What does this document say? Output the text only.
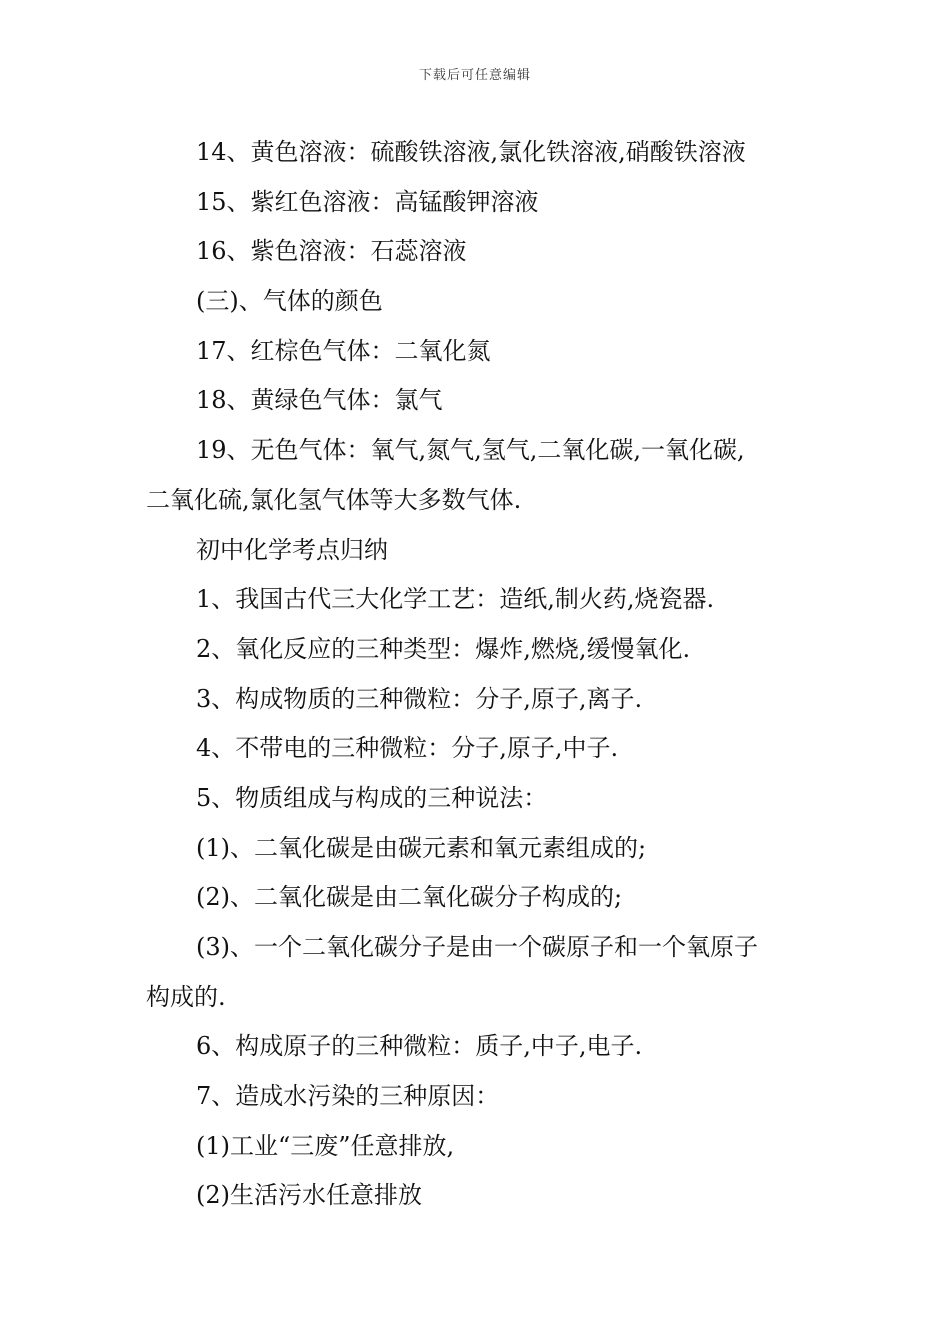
下载后可任意编辑
14、黄色溶液：硫酸铁溶液,氯化铁溶液,硝酸铁溶液
15、紫红色溶液：高锰酸钾溶液
16、紫色溶液：石蕊溶液
(三)、气体的颜色
17、红棕色气体：二氧化氮
18、黄绿色气体：氯气
19、无色气体：氧气,氮气,氢气,二氧化碳,一氧化碳,
二氧化硫,氯化氢气体等大多数气体.
初中化学考点归纳
1、我国古代三大化学工艺：造纸,制火药,烧瓷器.
2、氧化反应的三种类型：爆炸,燃烧,缓慢氧化.
3、构成物质的三种微粒：分子,原子,离子.
4、不带电的三种微粒：分子,原子,中子.
5、物质组成与构成的三种说法：
(1)、二氧化碳是由碳元素和氧元素组成的;
(2)、二氧化碳是由二氧化碳分子构成的;
(3)、一个二氧化碳分子是由一个碳原子和一个氧原子
构成的.
6、构成原子的三种微粒：质子,中子,电子.
7、造成水污染的三种原因：
(1)工业“三废”任意排放,
(2)生活污水任意排放
